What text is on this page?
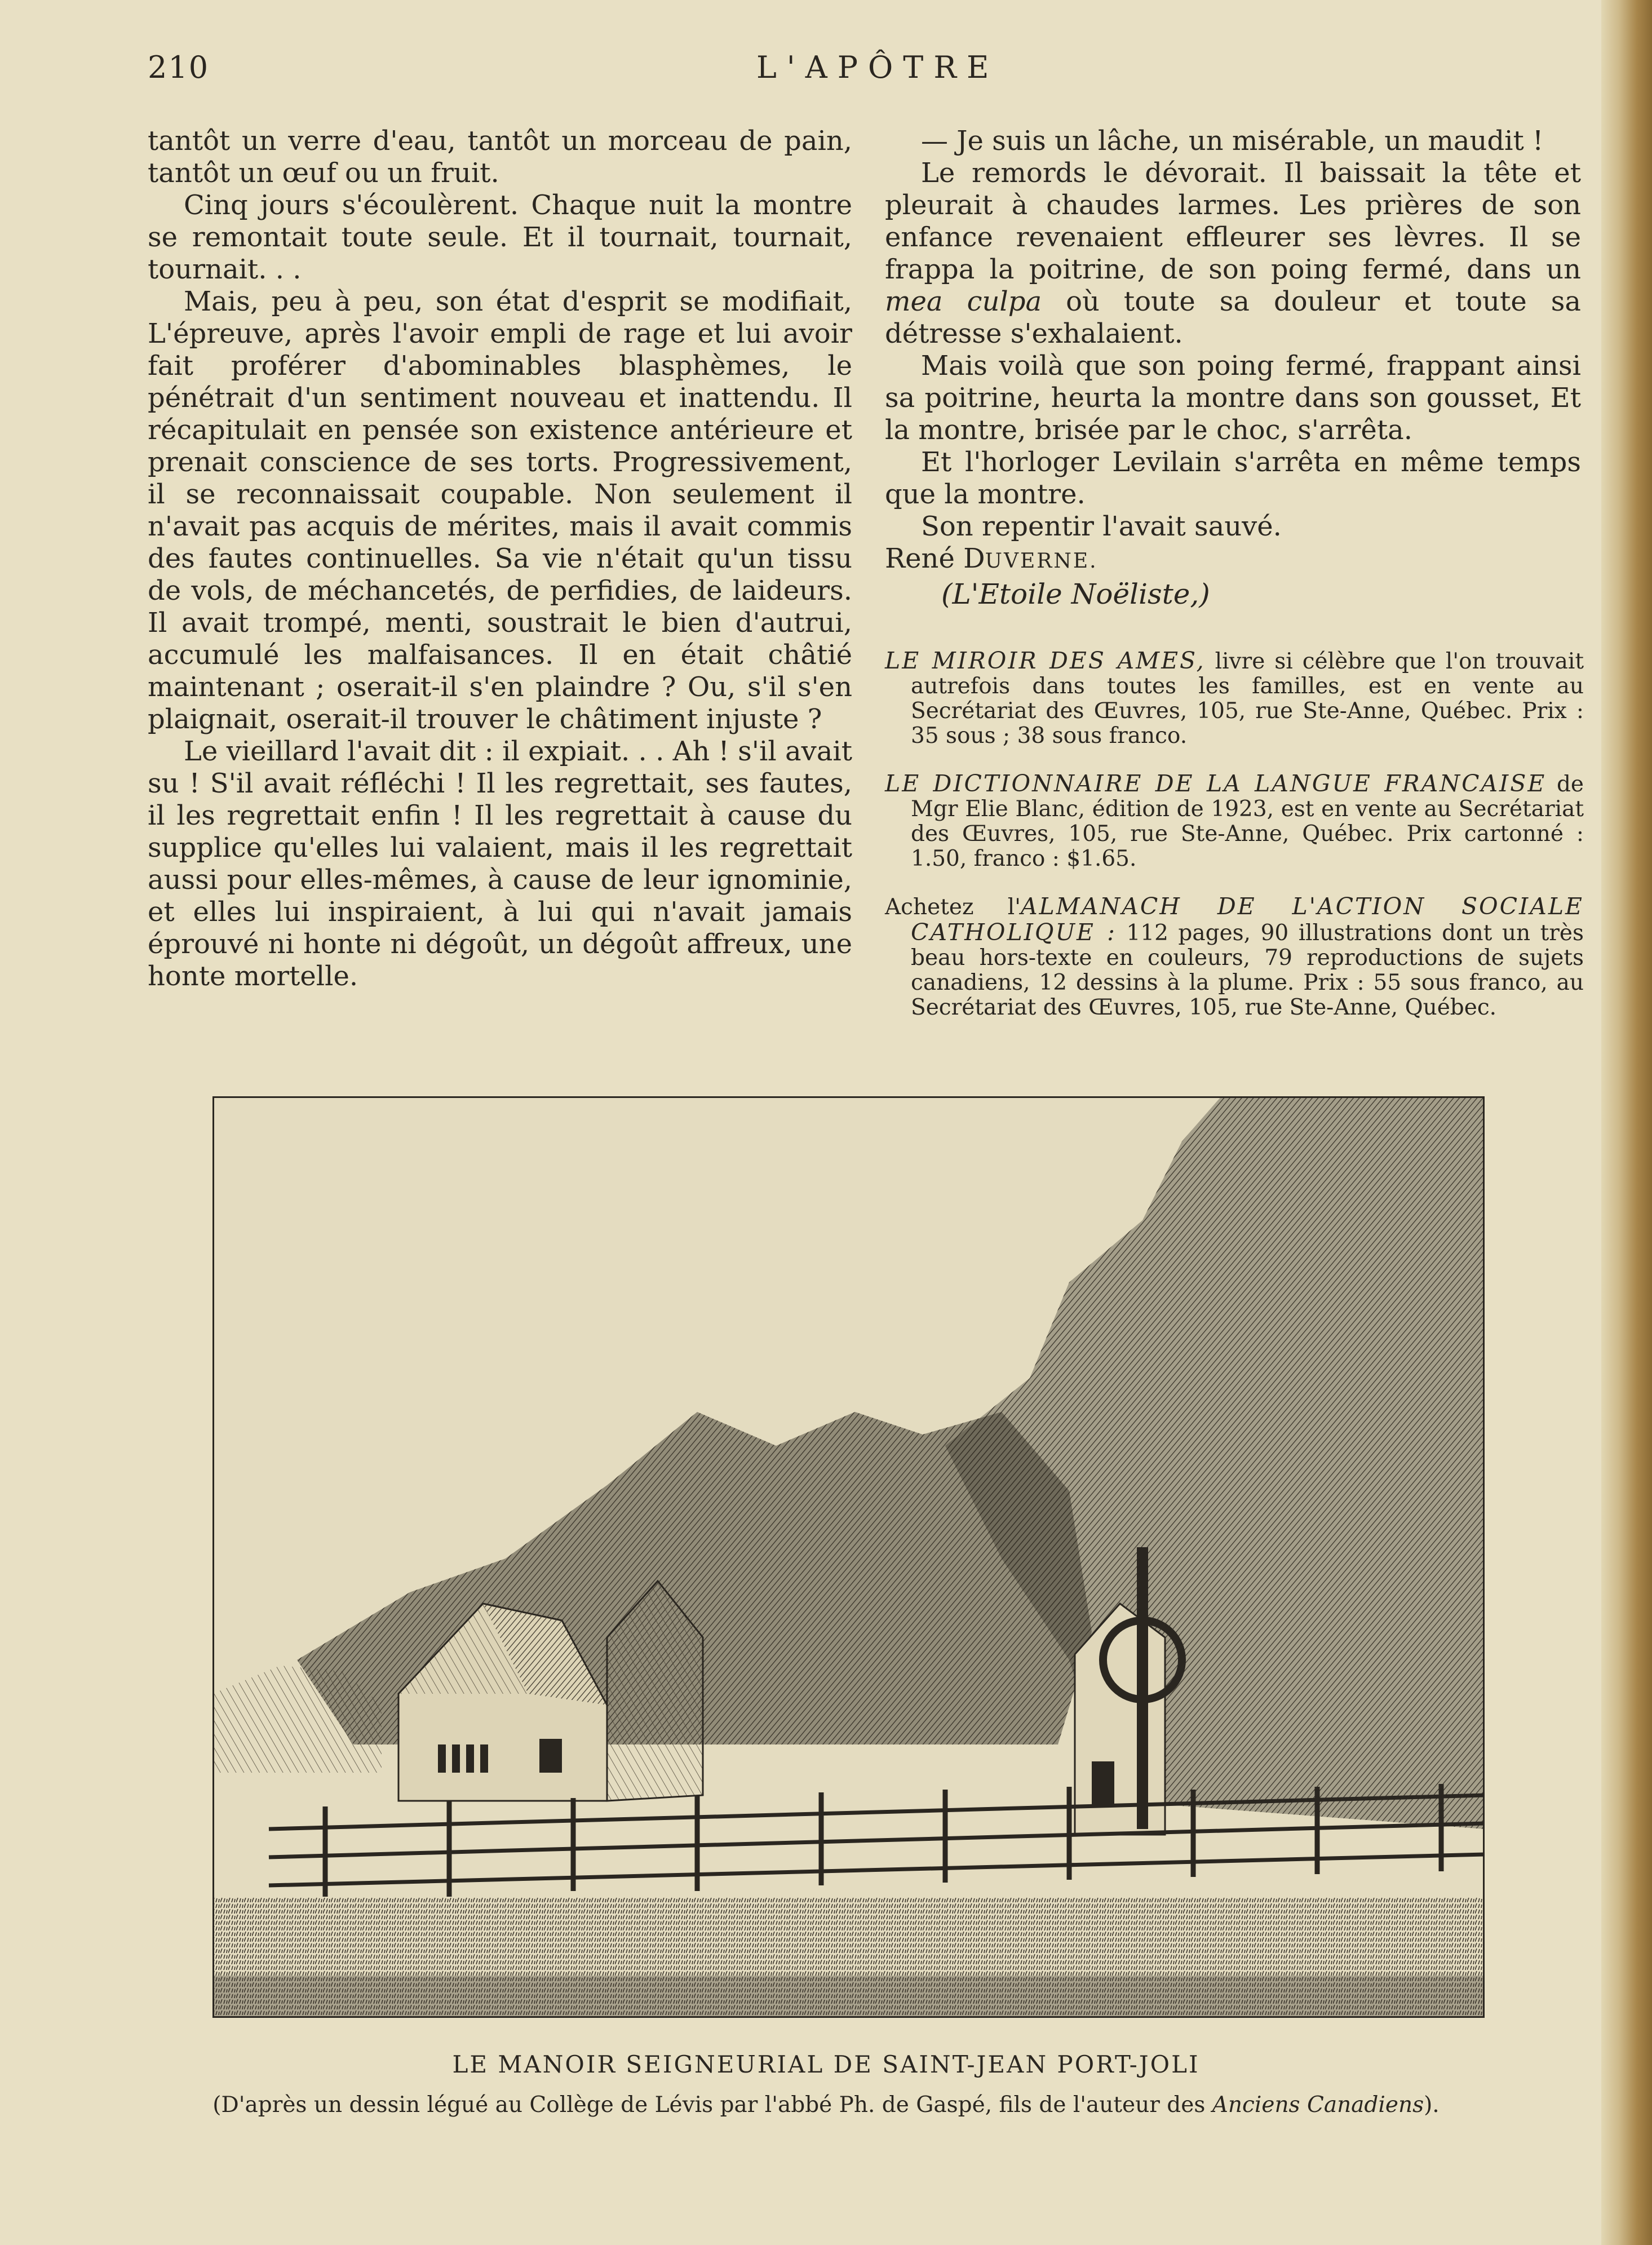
210	L'APÔTRE

tantôt un verre d'eau, tantôt un morceau de pain, tantôt un œuf ou un fruit.

Cinq jours s'écoulèrent. Chaque nuit la montre se remontait toute seule. Et il tournait, tournait, tournait. . .

Mais, peu à peu, son état d'esprit se modifiait, L'épreuve, après l'avoir empli de rage et lui avoir fait proférer d'abominables blasphèmes, le pénétrait d'un sentiment nouveau et inattendu. Il récapitulait en pensée son existence antérieure et prenait conscience de ses torts. Progressivement, il se reconnaissait coupable. Non seulement il n'avait pas acquis de mérites, mais il avait commis des fautes continuelles. Sa vie n'était qu'un tissu de vols, de méchancetés, de perfidies, de laideurs. Il avait trompé, menti, soustrait le bien d'autrui, accumulé les malfaisances. Il en était châtié maintenant ; oserait-il s'en plaindre ? Ou, s'il s'en plaignait, oserait-il trouver le châtiment injuste ?

Le vieillard l'avait dit : il expiait. . . Ah ! s'il avait su ! S'il avait réfléchi ! Il les regrettait, ses fautes, il les regrettait enfin ! Il les regrettait à cause du supplice qu'elles lui valaient, mais il les regrettait aussi pour elles-mêmes, à cause de leur ignominie, et elles lui inspiraient, à lui qui n'avait jamais éprouvé ni honte ni dégoût, un dégoût affreux, une honte mortelle.

— Je suis un lâche, un misérable, un maudit !

Le remords le dévorait. Il baissait la tête et pleurait à chaudes larmes. Les prières de son enfance revenaient effleurer ses lèvres. Il se frappa la poitrine, de son poing fermé, dans un mea culpa où toute sa douleur et toute sa détresse s'exhalaient.

Mais voilà que son poing fermé, frappant ainsi sa poitrine, heurta la montre dans son gousset, Et la montre, brisée par le choc, s'arrêta.

Et l'horloger Levilain s'arrêta en même temps que la montre.

Son repentir l'avait sauvé.

René DUVERNE.

(L'Etoile Noëliste,)

LE MIROIR DES AMES, livre si célèbre que l'on trouvait autrefois dans toutes les familles, est en vente au Secrétariat des Œuvres, 105, rue Ste-Anne, Québec. Prix : 35 sous ; 38 sous franco.

LE DICTIONNAIRE DE LA LANGUE FRANCAISE de Mgr Elie Blanc, édition de 1923, est en vente au Secrétariat des Œuvres, 105, rue Ste-Anne, Québec. Prix cartonné : 1.50, franco : $1.65.

Achetez l'ALMANACH DE L'ACTION SOCIALE CATHOLIQUE : 112 pages, 90 illustrations dont un très beau hors-texte en couleurs, 79 reproductions de sujets canadiens, 12 dessins à la plume. Prix : 55 sous franco, au Secrétariat des Œuvres, 105, rue Ste-Anne, Québec.

LE MANOIR SEIGNEURIAL DE SAINT-JEAN PORT-JOLI
(D'après un dessin légué au Collège de Lévis par l'abbé Ph. de Gaspé, fils de l'auteur des Anciens Canadiens).
